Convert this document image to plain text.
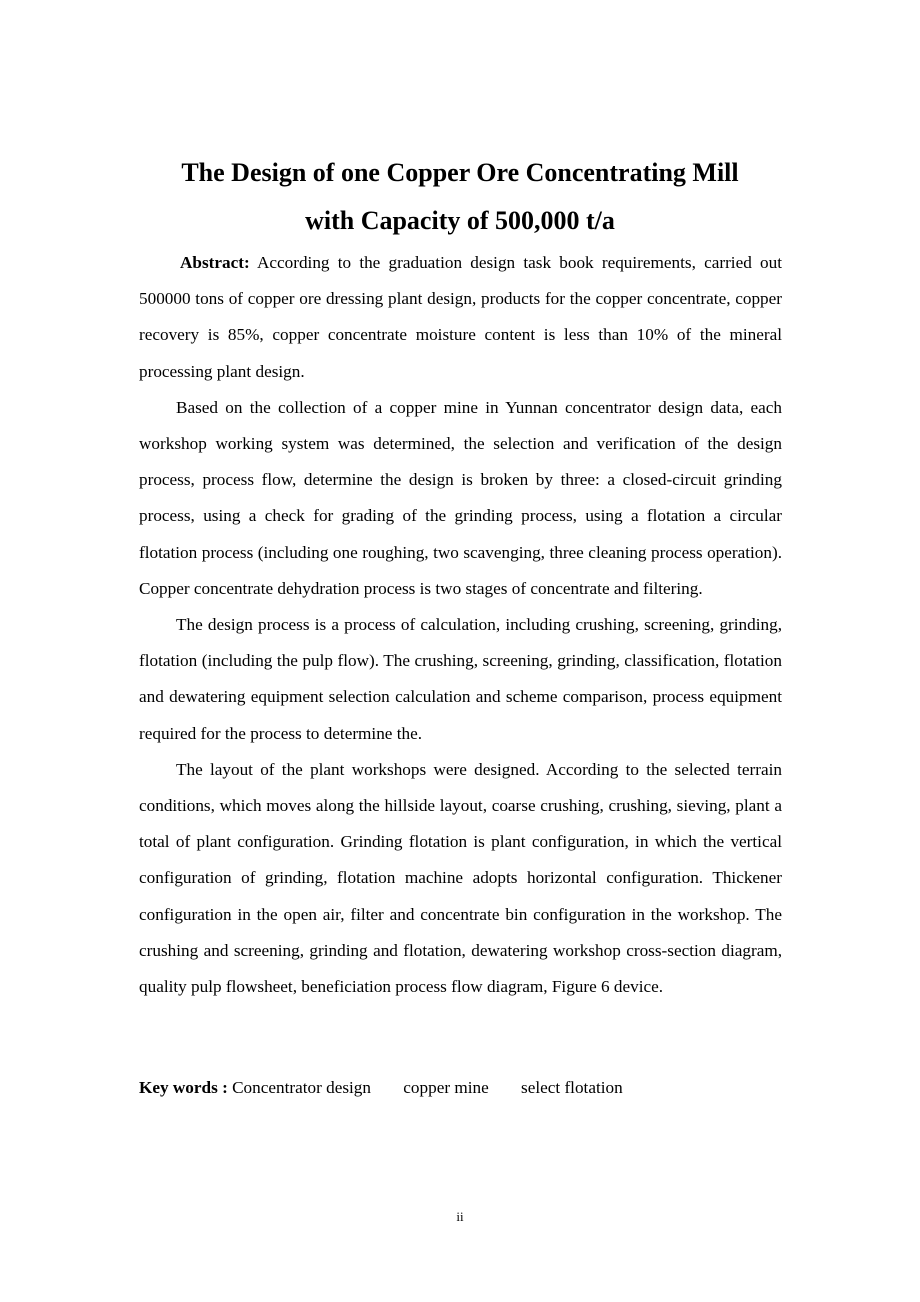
The Design of one Copper Ore Concentrating Mill
with Capacity of 500,000 t/a

Abstract: According to the graduation design task book requirements, carried out 500000 tons of copper ore dressing plant design, products for the copper concentrate, copper recovery is 85%, copper concentrate moisture content is less than 10% of the mineral processing plant design.

Based on the collection of a copper mine in Yunnan concentrator design data, each workshop working system was determined, the selection and verification of the design process, process flow, determine the design is broken by three: a closed-circuit grinding process, using a check for grading of the grinding process, using a flotation a circular flotation process (including one roughing, two scavenging, three cleaning process operation). Copper concentrate dehydration process is two stages of concentrate and filtering.

The design process is a process of calculation, including crushing, screening, grinding, flotation (including the pulp flow). The crushing, screening, grinding, classification, flotation and dewatering equipment selection calculation and scheme comparison, process equipment required for the process to determine the.

The layout of the plant workshops were designed. According to the selected terrain conditions, which moves along the hillside layout, coarse crushing, crushing, sieving, plant a total of plant configuration. Grinding flotation is plant configuration, in which the vertical configuration of grinding, flotation machine adopts horizontal configuration. Thickener configuration in the open air, filter and concentrate bin configuration in the workshop. The crushing and screening, grinding and flotation, dewatering workshop cross-section diagram, quality pulp flowsheet, beneficiation process flow diagram, Figure 6 device.

Key words : Concentrator design copper mine select flotation
ii
